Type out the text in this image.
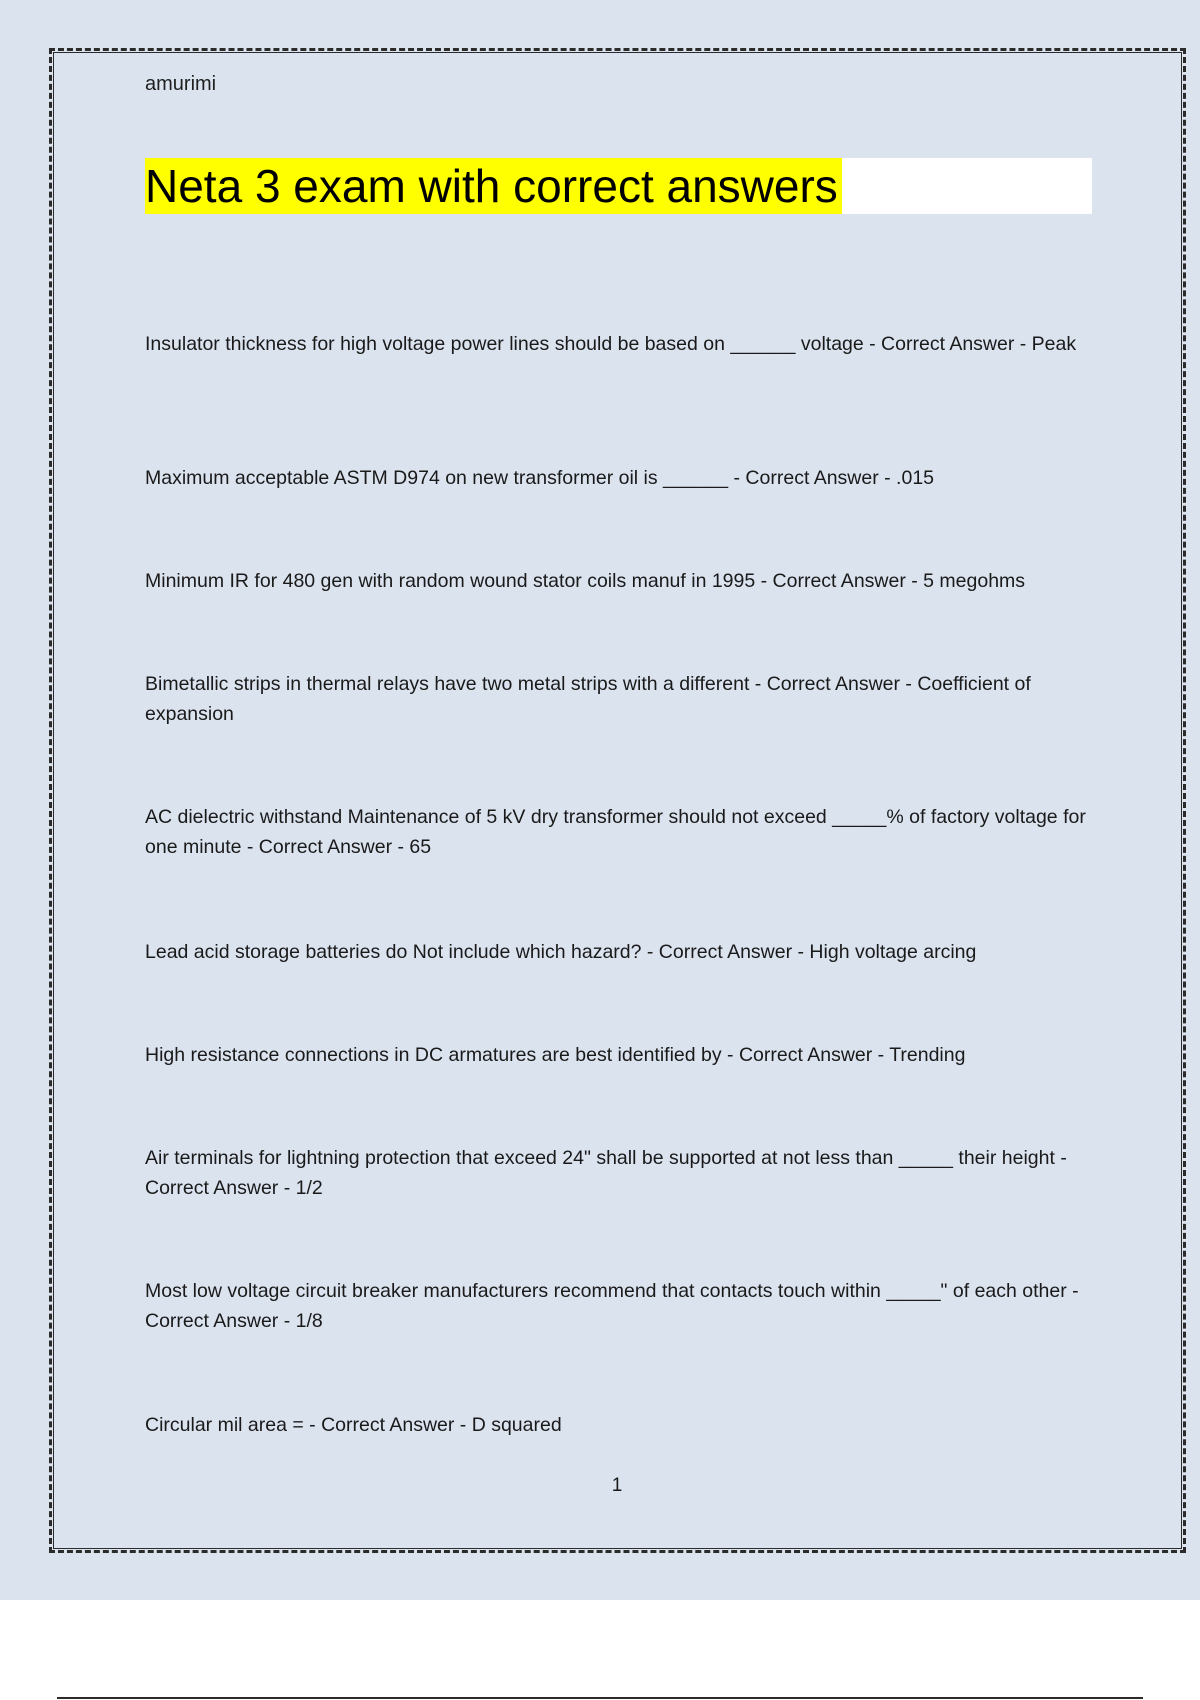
amurimi
Neta 3 exam with correct answers
Insulator thickness for high voltage power lines should be based on ______ voltage - Correct Answer - Peak
Maximum acceptable ASTM D974 on new transformer oil is ______ - Correct Answer - .015
Minimum IR for 480 gen with random wound stator coils manuf in 1995 - Correct Answer - 5 megohms
Bimetallic strips in thermal relays have two metal strips with a different - Correct Answer - Coefficient of expansion
AC dielectric withstand Maintenance of 5 kV dry transformer should not exceed _____% of factory voltage for one minute - Correct Answer - 65
Lead acid storage batteries do Not include which hazard? - Correct Answer - High voltage arcing
High resistance connections in DC armatures are best identified by - Correct Answer - Trending
Air terminals for lightning protection that exceed 24" shall be supported at not less than _____ their height - Correct Answer - 1/2
Most low voltage circuit breaker manufacturers recommend that contacts touch within _____" of each other - Correct Answer - 1/8
Circular mil area = - Correct Answer - D squared
1
